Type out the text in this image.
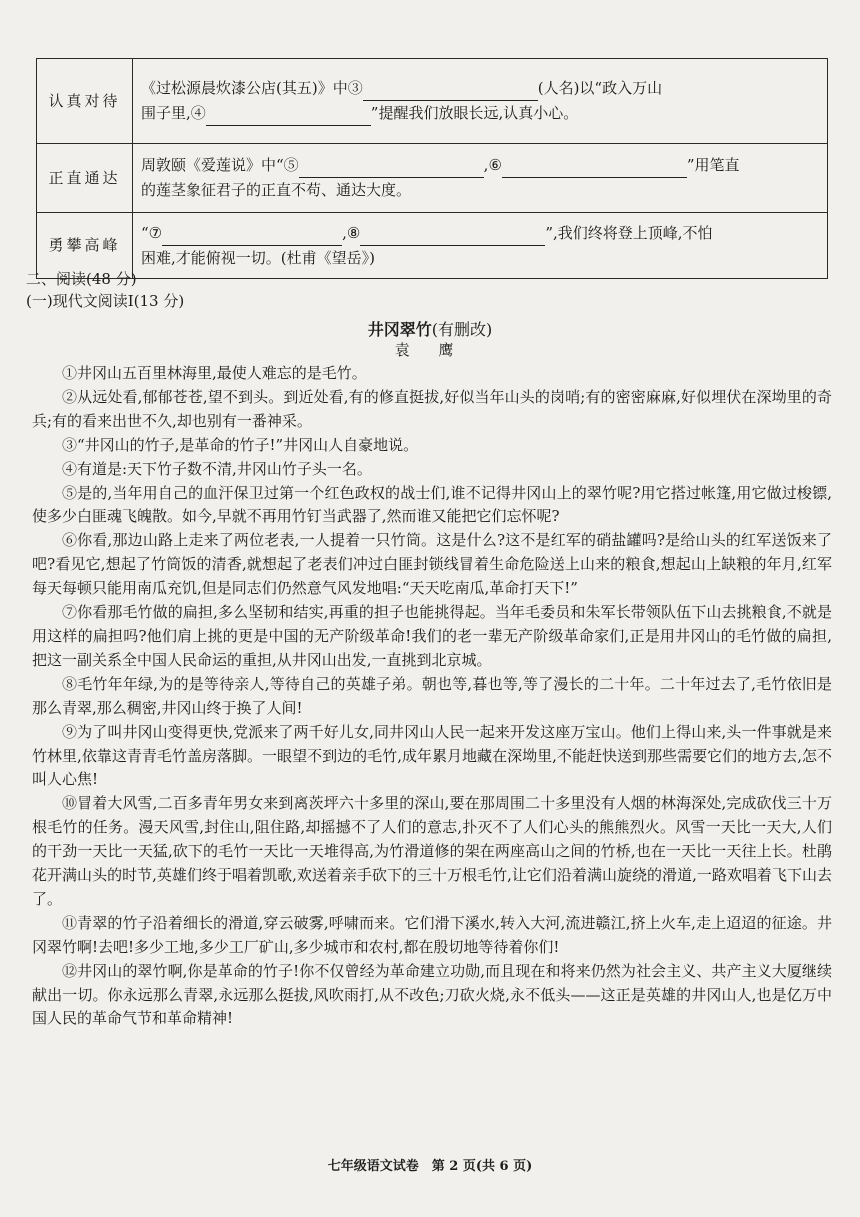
认真对待	《过松源晨炊漆公店(其五)》中③ (人名)以“政入万山
围子里,④ ”提醒我们放眼长远,认真小心。
正直通达	周敦颐《爱莲说》中“⑤ ,⑥ ”用笔直
的莲茎象征君子的正直不苟、通达大度。
勇攀高峰	“⑦ ,⑧ ”,我们终将登上顶峰,不怕
困难,才能俯视一切。(杜甫《望岳》)
二、阅读(48 分)
(一)现代文阅读Ⅰ(13 分)
井冈翠竹(有删改)
袁 鹰

①井冈山五百里林海里,最使人难忘的是毛竹。

②从远处看,郁郁苍苍,望不到头。到近处看,有的修直挺拔,好似当年山头的岗哨;有的密密麻麻,好似埋伏在深坳里的奇兵;有的看来出世不久,却也别有一番神采。

③“井冈山的竹子,是革命的竹子!”井冈山人自豪地说。

④有道是:天下竹子数不清,井冈山竹子头一名。

⑤是的,当年用自己的血汗保卫过第一个红色政权的战士们,谁不记得井冈山上的翠竹呢?用它搭过帐篷,用它做过梭镖,使多少白匪魂飞魄散。如今,早就不再用竹钉当武器了,然而谁又能把它们忘怀呢?

⑥你看,那边山路上走来了两位老表,一人提着一只竹筒。这是什么?这不是红军的硝盐罐吗?是给山头的红军送饭来了吧?看见它,想起了竹筒饭的清香,就想起了老表们冲过白匪封锁线冒着生命危险送上山来的粮食,想起山上缺粮的年月,红军每天每顿只能用南瓜充饥,但是同志们仍然意气风发地唱:“天天吃南瓜,革命打天下!”

⑦你看那毛竹做的扁担,多么坚韧和结实,再重的担子也能挑得起。当年毛委员和朱军长带领队伍下山去挑粮食,不就是用这样的扁担吗?他们肩上挑的更是中国的无产阶级革命!我们的老一辈无产阶级革命家们,正是用井冈山的毛竹做的扁担,把这一副关系全中国人民命运的重担,从井冈山出发,一直挑到北京城。

⑧毛竹年年绿,为的是等待亲人,等待自己的英雄子弟。朝也等,暮也等,等了漫长的二十年。二十年过去了,毛竹依旧是那么青翠,那么稠密,井冈山终于换了人间!

⑨为了叫井冈山变得更快,党派来了两千好儿女,同井冈山人民一起来开发这座万宝山。他们上得山来,头一件事就是来竹林里,依靠这青青毛竹盖房落脚。一眼望不到边的毛竹,成年累月地藏在深坳里,不能赶快送到那些需要它们的地方去,怎不叫人心焦!

⑩冒着大风雪,二百多青年男女来到离茨坪六十多里的深山,要在那周围二十多里没有人烟的林海深处,完成砍伐三十万根毛竹的任务。漫天风雪,封住山,阻住路,却摇撼不了人们的意志,扑灭不了人们心头的熊熊烈火。风雪一天比一天大,人们的干劲一天比一天猛,砍下的毛竹一天比一天堆得高,为竹滑道修的架在两座高山之间的竹桥,也在一天比一天往上长。杜鹃花开满山头的时节,英雄们终于唱着凯歌,欢送着亲手砍下的三十万根毛竹,让它们沿着满山旋绕的滑道,一路欢唱着飞下山去了。

⑪青翠的竹子沿着细长的滑道,穿云破雾,呼啸而来。它们滑下溪水,转入大河,流进赣江,挤上火车,走上迢迢的征途。井冈翠竹啊!去吧!多少工地,多少工厂矿山,多少城市和农村,都在殷切地等待着你们!

⑫井冈山的翠竹啊,你是革命的竹子!你不仅曾经为革命建立功勋,而且现在和将来仍然为社会主义、共产主义大厦继续献出一切。你永远那么青翠,永远那么挺拔,风吹雨打,从不改色;刀砍火烧,永不低头——这正是英雄的井冈山人,也是亿万中国人民的革命气节和革命精神!

七年级语文试卷　第 2 页(共 6 页)
